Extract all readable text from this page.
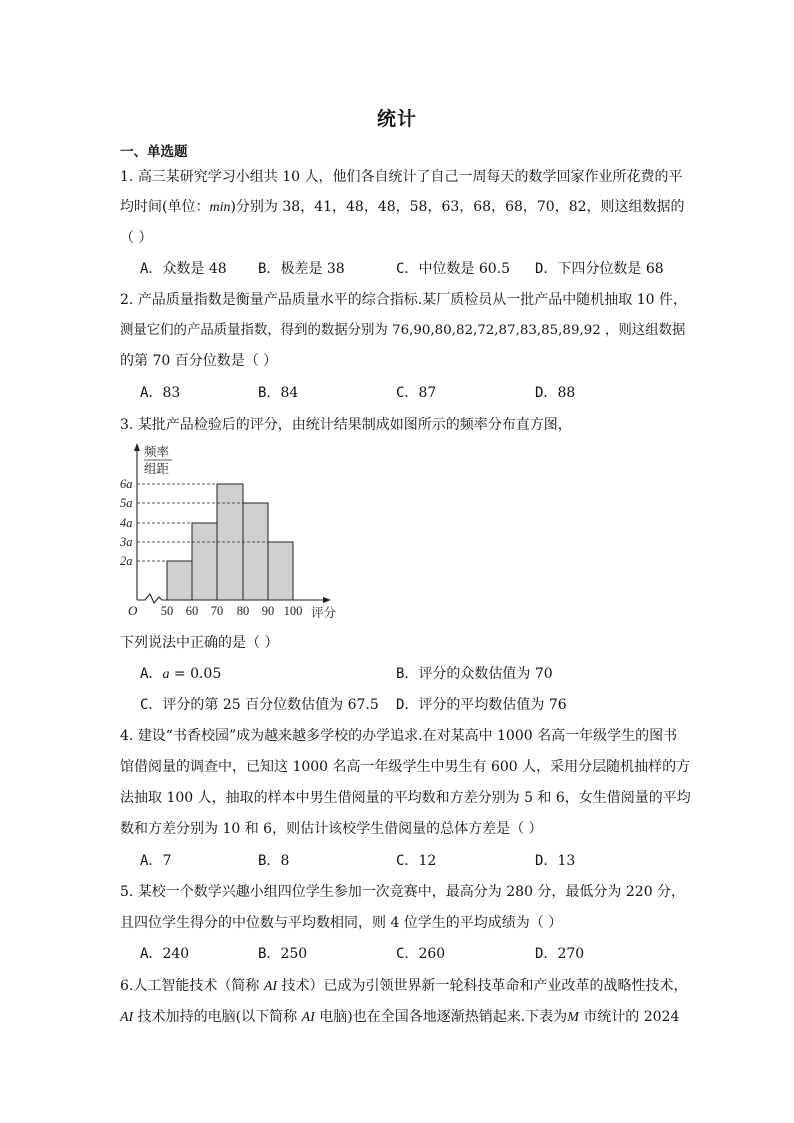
统计
一、单选题
1. 高三某研究学习小组共 10 人，他们各自统计了自己一周每天的数学回家作业所花费的平
均时间(单位：min)分别为 38，41，48，48，58，63，68，68，70，82，则这组数据的
（ ）
A．众数是 48 B．极差是 38	C．中位数是 60.5 D．下四分位数是 68
2. 产品质量指数是衡量产品质量水平的综合指标.某厂质检员从一批产品中随机抽取 10 件，
测量它们的产品质量指数，得到的数据分别为 76,90,80,82,72,87,83,85,89,92 ，则这组数据
的第 70 百分位数是（ ）
A．83	B．84	C．87	D．88
3. 某批产品检验后的评分，由统计结果制成如图所示的频率分布直方图，
频率
组距
6a
5a
4a
3a
2a
O 50 60 70 80 90 100 评分
下列说法中正确的是（ ）
A．a = 0.05	B．评分的众数估值为 70
C．评分的第 25 百分位数估值为 67.5 D．评分的平均数估值为 76
4. 建设“书香校园”成为越来越多学校的办学追求.在对某高中 1000 名高一年级学生的图书
馆借阅量的调查中，已知这 1000 名高一年级学生中男生有 600 人，采用分层随机抽样的方
法抽取 100 人，抽取的样本中男生借阅量的平均数和方差分别为 5 和 6，女生借阅量的平均
数和方差分别为 10 和 6，则估计该校学生借阅量的总体方差是（ ）
A．7	B．8	C．12	D．13
5. 某校一个数学兴趣小组四位学生参加一次竞赛中，最高分为 280 分，最低分为 220 分，
且四位学生得分的中位数与平均数相同，则 4 位学生的平均成绩为（ ）
A．240	B．250	C．260	D．270
6.人工智能技术（简称 AI 技术）已成为引领世界新一轮科技革命和产业改革的战略性技术，
AI 技术加持的电脑(以下简称 AI 电脑)也在全国各地逐渐热销起来.下表为M 市统计的 2024
